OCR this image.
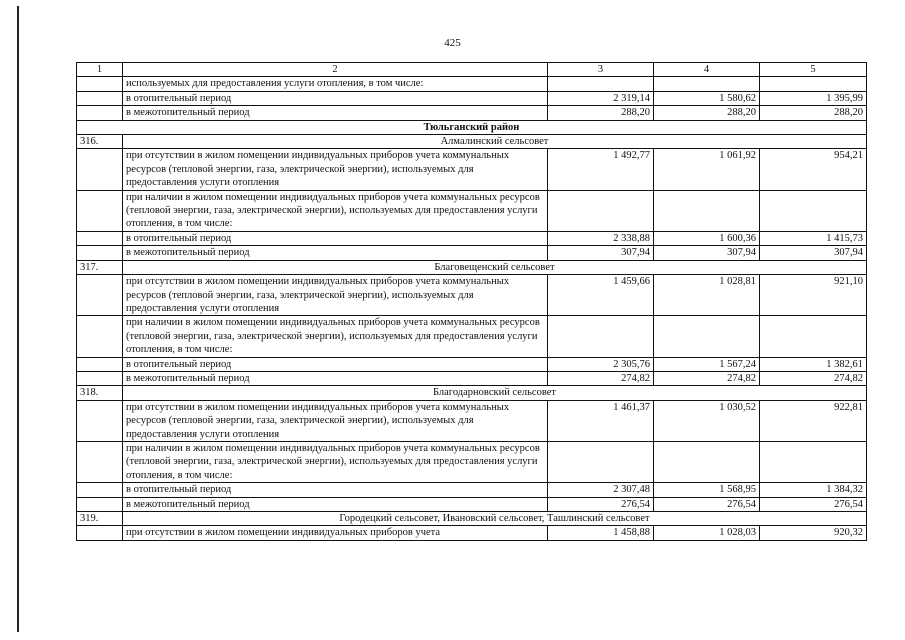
425
1	2	3	4	5
	используемых для предоставления услуги отопления, в том числе:			
	в отопительный период	2 319,14	1 580,62	1 395,99
	в межотопительный период	288,20	288,20	288,20
Тюльганский район				
316.	Алмалинский сельсовет			
	при отсутствии в жилом помещении индивидуальных приборов учета коммунальных ресурсов (тепловой энергии, газа, электрической энергии), используемых для предоставления услуги отопления	1 492,77	1 061,92	954,21
	при наличии в жилом помещении индивидуальных приборов учета коммунальных ресурсов (тепловой энергии, газа, электрической энергии), используемых для предоставления услуги отопления, в том числе:			
	в отопительный период	2 338,88	1 600,36	1 415,73
	в межотопительный период	307,94	307,94	307,94
317.	Благовещенский сельсовет			
	при отсутствии в жилом помещении индивидуальных приборов учета коммунальных ресурсов (тепловой энергии, газа, электрической энергии), используемых для предоставления услуги отопления	1 459,66	1 028,81	921,10
	при наличии в жилом помещении индивидуальных приборов учета коммунальных ресурсов (тепловой энергии, газа, электрической энергии), используемых для предоставления услуги отопления, в том числе:			
	в отопительный период	2 305,76	1 567,24	1 382,61
	в межотопительный период	274,82	274,82	274,82
318.	Благодарновский сельсовет			
	при отсутствии в жилом помещении индивидуальных приборов учета коммунальных ресурсов (тепловой энергии, газа, электрической энергии), используемых для предоставления услуги отопления	1 461,37	1 030,52	922,81
	при наличии в жилом помещении индивидуальных приборов учета коммунальных ресурсов (тепловой энергии, газа, электрической энергии), используемых для предоставления услуги отопления, в том числе:			
	в отопительный период	2 307,48	1 568,95	1 384,32
	в межотопительный период	276,54	276,54	276,54
319.	Городецкий сельсовет, Ивановский сельсовет, Ташлинский сельсовет			
	при отсутствии в жилом помещении индивидуальных приборов учета	1 458,88	1 028,03	920,32
